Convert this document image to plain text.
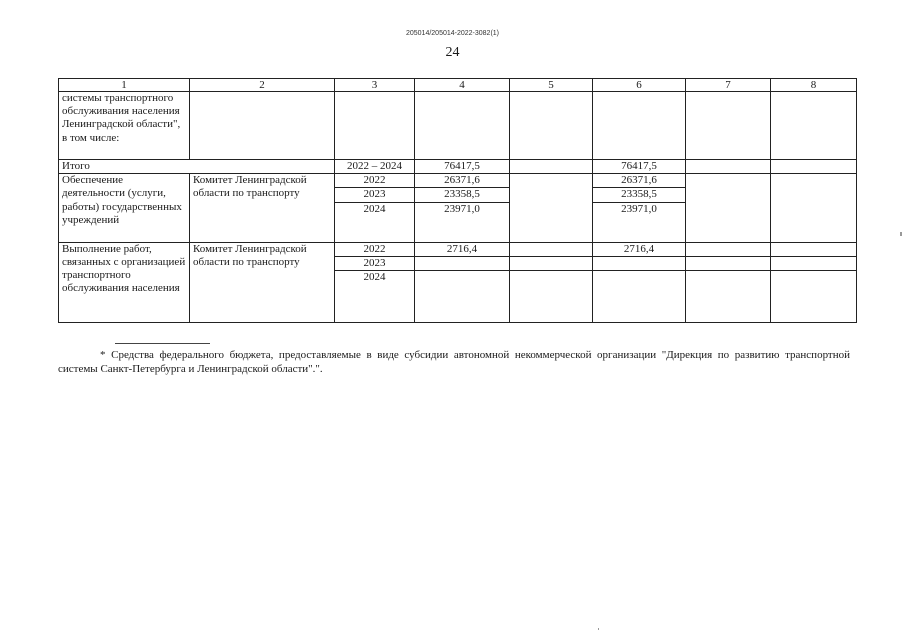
205014/205014-2022-3082(1)
24
1	2	3	4	5	6	7	8
системы транспортного обслуживания населения Ленинградской области", в том числе:							
Итого		2022 – 2024	76417,5		76417,5		
Обеспечение деятельности (услуги, работы) государственных учреждений	Комитет Ленинградской области по транспорту	2022	26371,6		26371,6		
		2023	23358,5		23358,5		
		2024	23971,0		23971,0		
Выполнение работ, связанных с организацией транспортного обслуживания населения	Комитет Ленинградской области по транспорту	2022	2716,4		2716,4		
		2023					
		2024					
* Средства федерального бюджета, предоставляемые в виде субсидии автономной некоммерческой организации "Дирекция по развитию транспортной системы Санкт-Петербурга и Ленинградской области".".
